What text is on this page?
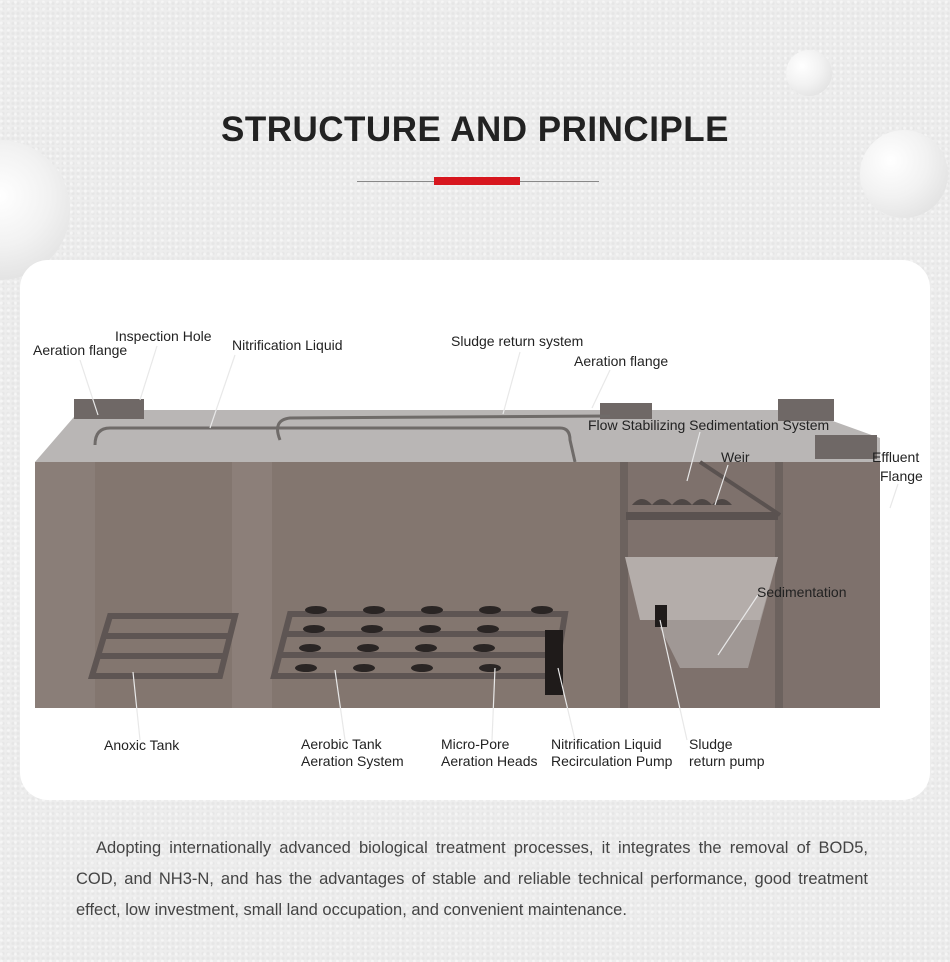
STRUCTURE AND PRINCIPLE
Aeration flange
Inspection Hole
Nitrification Liquid	Sludge return system
Aeration flange
Flow Stabilizing Sedimentation System
Weir	Effluent
Flange
Sedimentation
Anoxic Tank	Aerobic Tank
Aeration System
Micro-Pore
Aeration Heads
Nitrification Liquid
Recirculation Pump
Sludge
return pump
Adopting internationally advanced biological treatment processes, it integrates the removal of BOD5, COD, and NH3-N, and has the advantages of stable and reliable technical performance, good treatment effect, low investment, small land occupation, and convenient maintenance.
